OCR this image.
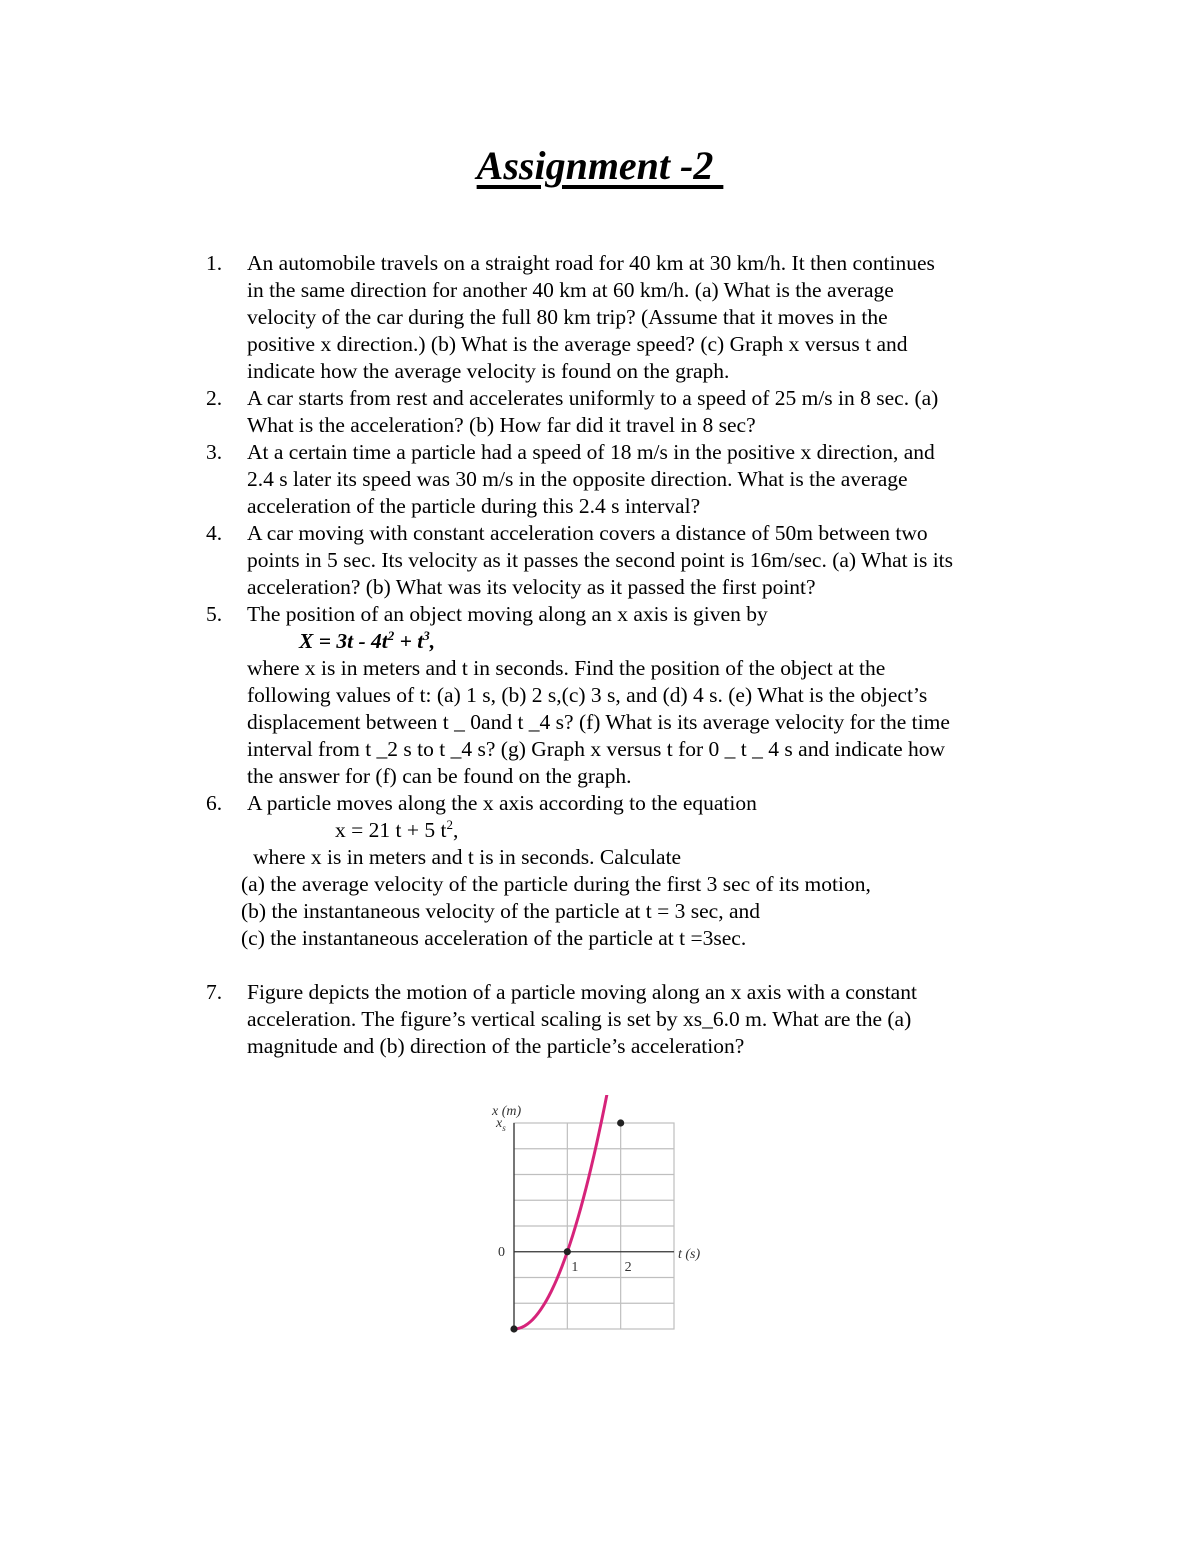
Assignment -2
1. An automobile travels on a straight road for 40 km at 30 km/h. It then continues
in the same direction for another 40 km at 60 km/h. (a) What is the average
velocity of the car during the full 80 km trip? (Assume that it moves in the
positive x direction.) (b) What is the average speed? (c) Graph x versus t and
indicate how the average velocity is found on the graph.
2. A car starts from rest and accelerates uniformly to a speed of 25 m/s in 8 sec. (a)
What is the acceleration? (b) How far did it travel in 8 sec?
3. At a certain time a particle had a speed of 18 m/s in the positive x direction, and
2.4 s later its speed was 30 m/s in the opposite direction. What is the average
acceleration of the particle during this 2.4 s interval?
4. A car moving with constant acceleration covers a distance of 50m between two
points in 5 sec. Its velocity as it passes the second point is 16m/sec. (a) What is its
acceleration? (b) What was its velocity as it passed the first point?
5. The position of an object moving along an x axis is given by
$X = 3t - 4t^2 + t^3$,
where x is in meters and t in seconds. Find the position of the object at the
following values of t: (a) 1 s, (b) 2 s,(c) 3 s, and (d) 4 s. (e) What is the object’s
displacement between t _ 0and t _4 s? (f) What is its average velocity for the time
interval from t _2 s to t _4 s? (g) Graph x versus t for 0 _ t _ 4 s and indicate how
the answer for (f) can be found on the graph.
6. A particle moves along the x axis according to the equation
x = 21 t + 5 $t^2$,
where x is in meters and t is in seconds. Calculate
(a) the average velocity of the particle during the first 3 sec of its motion,
(b) the instantaneous velocity of the particle at t = 3 sec, and
(c) the instantaneous acceleration of the particle at t =3sec.
7. Figure depicts the motion of a particle moving along an x axis with a constant
acceleration. The figure’s vertical scaling is set by xs_6.0 m. What are the (a)
magnitude and (b) direction of the particle’s acceleration?
x (m)
t (s)
0
$x_s$
1	2
